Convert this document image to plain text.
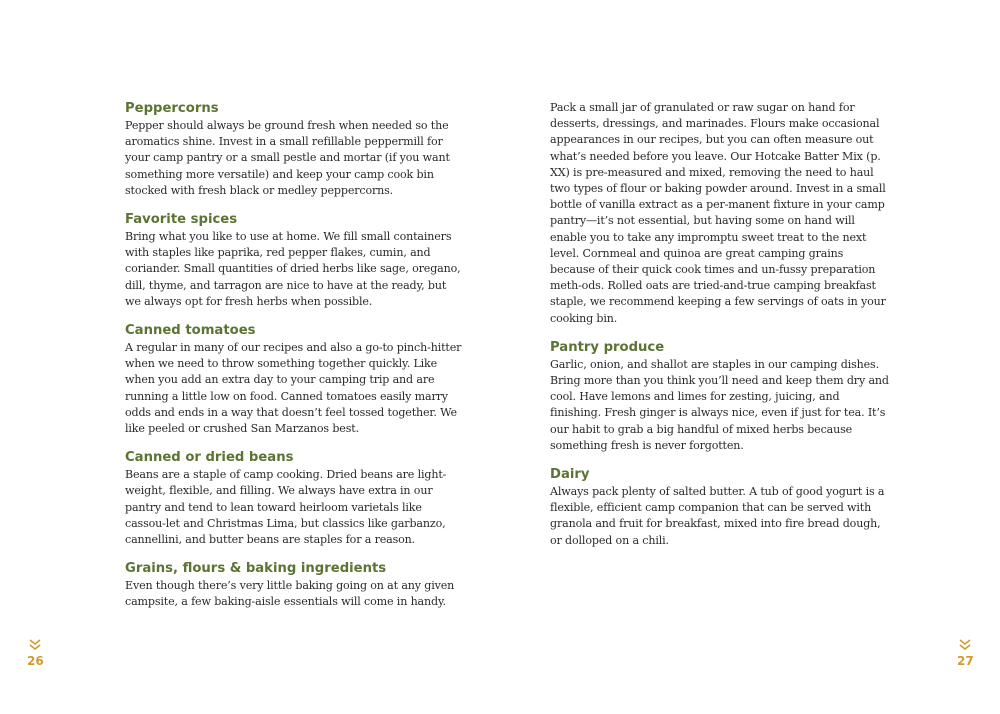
Peppercorns

Pepper should always be ground fresh when needed so the aromatics shine. Invest in a small refillable peppermill for your camp pantry or a small pestle and mortar (if you want something more versatile) and keep your camp cook bin stocked with fresh black or medley peppercorns.

Favorite spices

Bring what you like to use at home. We fill small containers with staples like paprika, red pepper flakes, cumin, and coriander. Small quantities of dried herbs like sage, oregano, dill, thyme, and tarragon are nice to have at the ready, but we always opt for fresh herbs when possible.

Canned tomatoes

A regular in many of our recipes and also a go-to pinch-hitter when we need to throw something together quickly. Like when you add an extra day to your camping trip and are running a little low on food. Canned tomatoes easily marry odds and ends in a way that doesn’t feel tossed together. We like peeled or crushed San Marzanos best.

Canned or dried beans

Beans are a staple of camp cooking. Dried beans are light-weight, flexible, and filling. We always have extra in our pantry and tend to lean toward heirloom varietals like cassou-let and Christmas Lima, but classics like garbanzo, cannellini, and butter beans are staples for a reason.

Grains, flours & baking ingredients

Even though there’s very little baking going on at any given campsite, a few baking-aisle essentials will come in handy.

26

Pack a small jar of granulated or raw sugar on hand for desserts, dressings, and marinades. Flours make occasional appearances in our recipes, but you can often measure out what’s needed before you leave. Our Hotcake Batter Mix (p. XX) is pre-measured and mixed, removing the need to haul two types of flour or baking powder around. Invest in a small bottle of vanilla extract as a per-manent fixture in your camp pantry—it’s not essential, but having some on hand will enable you to take any impromptu sweet treat to the next level. Cornmeal and quinoa are great camping grains because of their quick cook times and un-fussy preparation meth-ods. Rolled oats are tried-and-true camping breakfast staple, we recommend keeping a few servings of oats in your cooking bin.

Pantry produce

Garlic, onion, and shallot are staples in our camping dishes. Bring more than you think you’ll need and keep them dry and cool. Have lemons and limes for zesting, juicing, and finishing. Fresh ginger is always nice, even if just for tea. It’s our habit to grab a big handful of mixed herbs because something fresh is never forgotten.

Dairy

Always pack plenty of salted butter. A tub of good yogurt is a flexible, efficient camp companion that can be served with granola and fruit for breakfast, mixed into fire bread dough, or dolloped on a chili.

27
